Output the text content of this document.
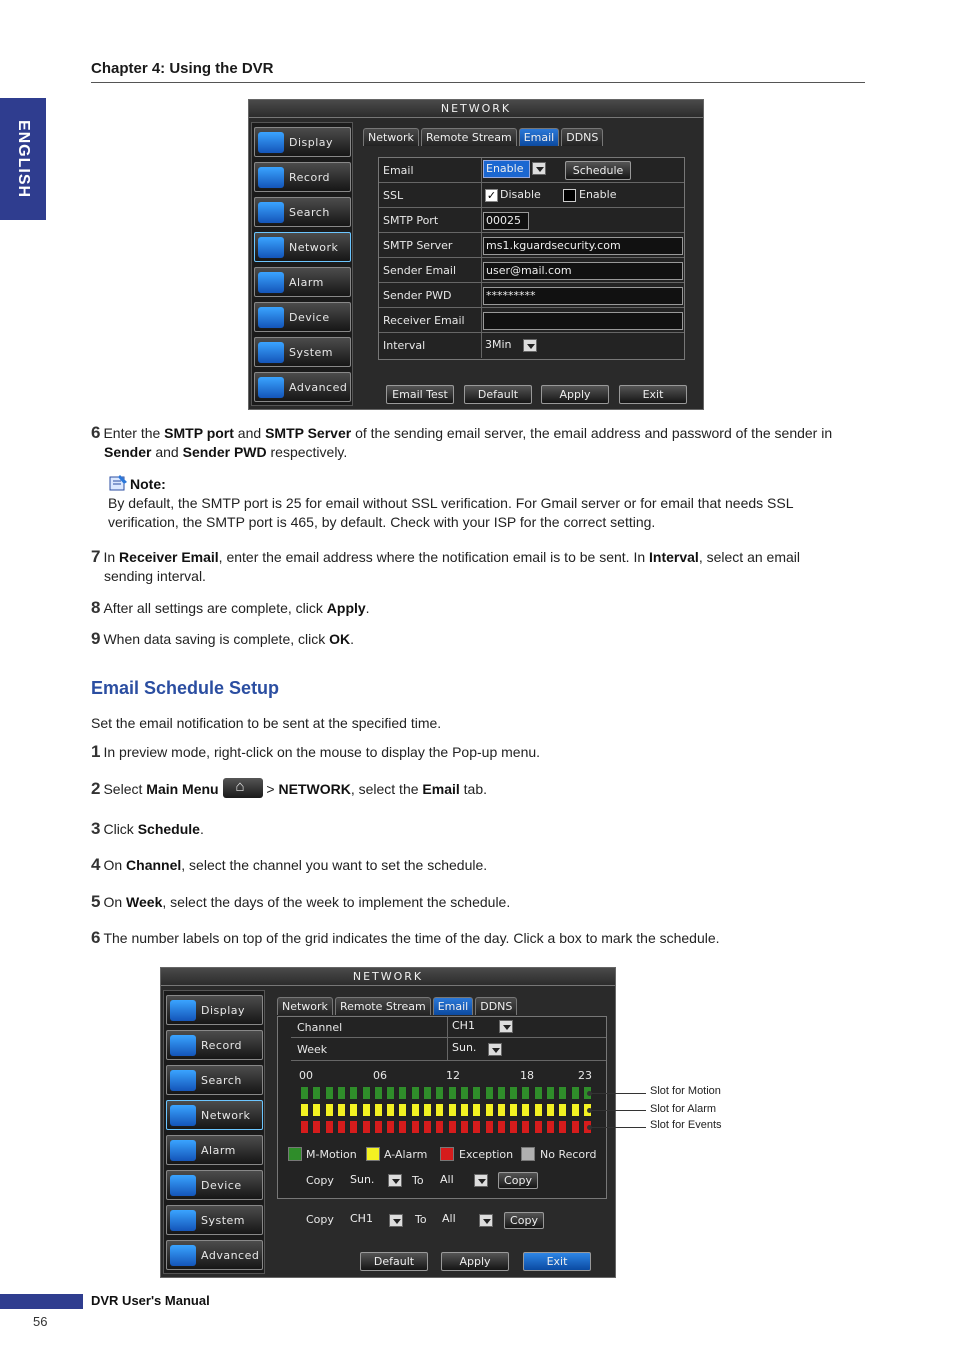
Chapter 4: Using the DVR
ENGLISH
NETWORK
Display
Record
Search
Network
Alarm
Device
System
Advanced
Network	Remote Stream	Email	DDNS
Email	Enable	Schedule
SSL	✓ Disable	Enable
SMTP Port	00025
SMTP Server	ms1.kguardsecurity.com
Sender Email	user@mail.com
Sender PWD	*********
Receiver Email
Interval	3Min
Email Test	Default	Apply	Exit
6 Enter the SMTP port and SMTP Server of the sending email server, the email address and password of the sender in
Sender and Sender PWD respectively.
Note:
By default, the SMTP port is 25 for email without SSL verification. For Gmail server or for email that needs SSL
verification, the SMTP port is 465, by default. Check with your ISP for the correct setting.
7 In Receiver Email, enter the email address where the notification email is to be sent. In Interval, select an email
sending interval.
8 After all settings are complete, click Apply.
9 When data saving is complete, click OK.
Email Schedule Setup
Set the email notification to be sent at the specified time.
1 In preview mode, right-click on the mouse to display the Pop-up menu.
2 Select Main Menu ⌂	> NETWORK, select the Email tab.
3 Click Schedule.
4 On Channel, select the channel you want to set the schedule.
5 On Week, select the days of the week to implement the schedule.
6 The number labels on top of the grid indicates the time of the day. Click a box to mark the schedule.
NETWORK
Display
Record
Search
Network
Alarm
Device
System
Advanced
Network	Remote Stream	Email	DDNS
Channel	CH1
Week	Sun.
00	06	12	18	23
M-Motion A-Alarm	Exception No Record
Copy Sun.	To All	Copy
Copy CH1	To All	Copy
Default	Apply	Exit
Slot for Motion
Slot for Alarm
Slot for Events
DVR User's Manual
56
